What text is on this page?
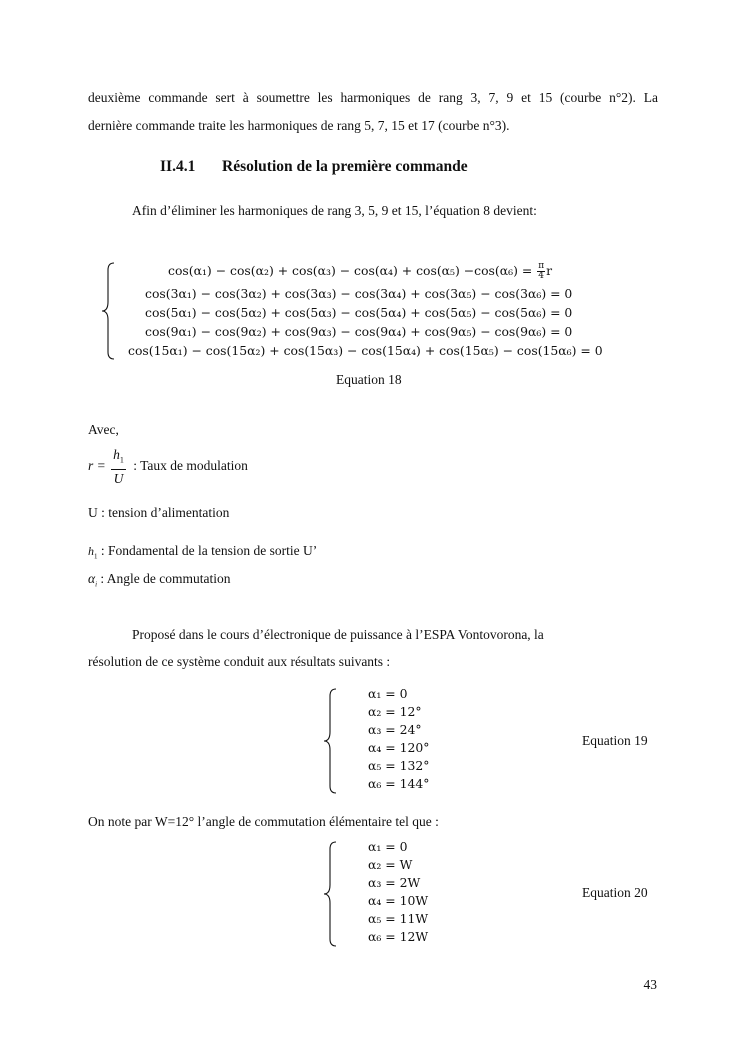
deuxième commande sert à soumettre les harmoniques de rang 3, 7, 9 et 15 (courbe n°2). La

dernière commande traite les harmoniques de rang 5, 7, 15 et 17 (courbe n°3).

II.4.1 Résolution de la première commande
Afin d’éliminer les harmoniques de rang 3, 5, 9 et 15, l’équation 8 devient:
$\cos(\alpha_1) - \cos(\alpha_2) + \cos(\alpha_3) - \cos(\alpha_4) + \cos(\alpha_5) -\cos(\alpha_6) = \frac{\pi}{4}$ r
cos(3α₁) − cos(3α₂) + cos(3α₃) − cos(3α₄) + cos(3α₅) − cos(3α₆) = 0
cos(5α₁) − cos(5α₂) + cos(5α₃) − cos(5α₄) + cos(5α₅) − cos(5α₆) = 0
cos(9α₁) − cos(9α₂) + cos(9α₃) − cos(9α₄) + cos(9α₅) − cos(9α₆) = 0
cos(15α₁) − cos(15α₂) + cos(15α₃) − cos(15α₄) + cos(15α₅) − cos(15α₆) = 0
Equation 18
Avec,
$r = \frac{h_1}{U}$ : Taux de modulation
U : tension d’alimentation
$h_1$ : Fondamental de la tension de sortie U’
$\alpha_i$ : Angle de commutation
Proposé dans le cours d’électronique de puissance à l’ESPA Vontovorona, la
résolution de ce système conduit aux résultats suivants :
α₁ = 0
α₂ = 12°
α₃ = 24°
α₄ = 120°
α₅ = 132°
α₆ = 144°
Equation 19
On note par W=12° l’angle de commutation élémentaire tel que :
α₁ = 0
α₂ = W
α₃ = 2W
α₄ = 10W
α₅ = 11W
α₆ = 12W
Equation 20
43
